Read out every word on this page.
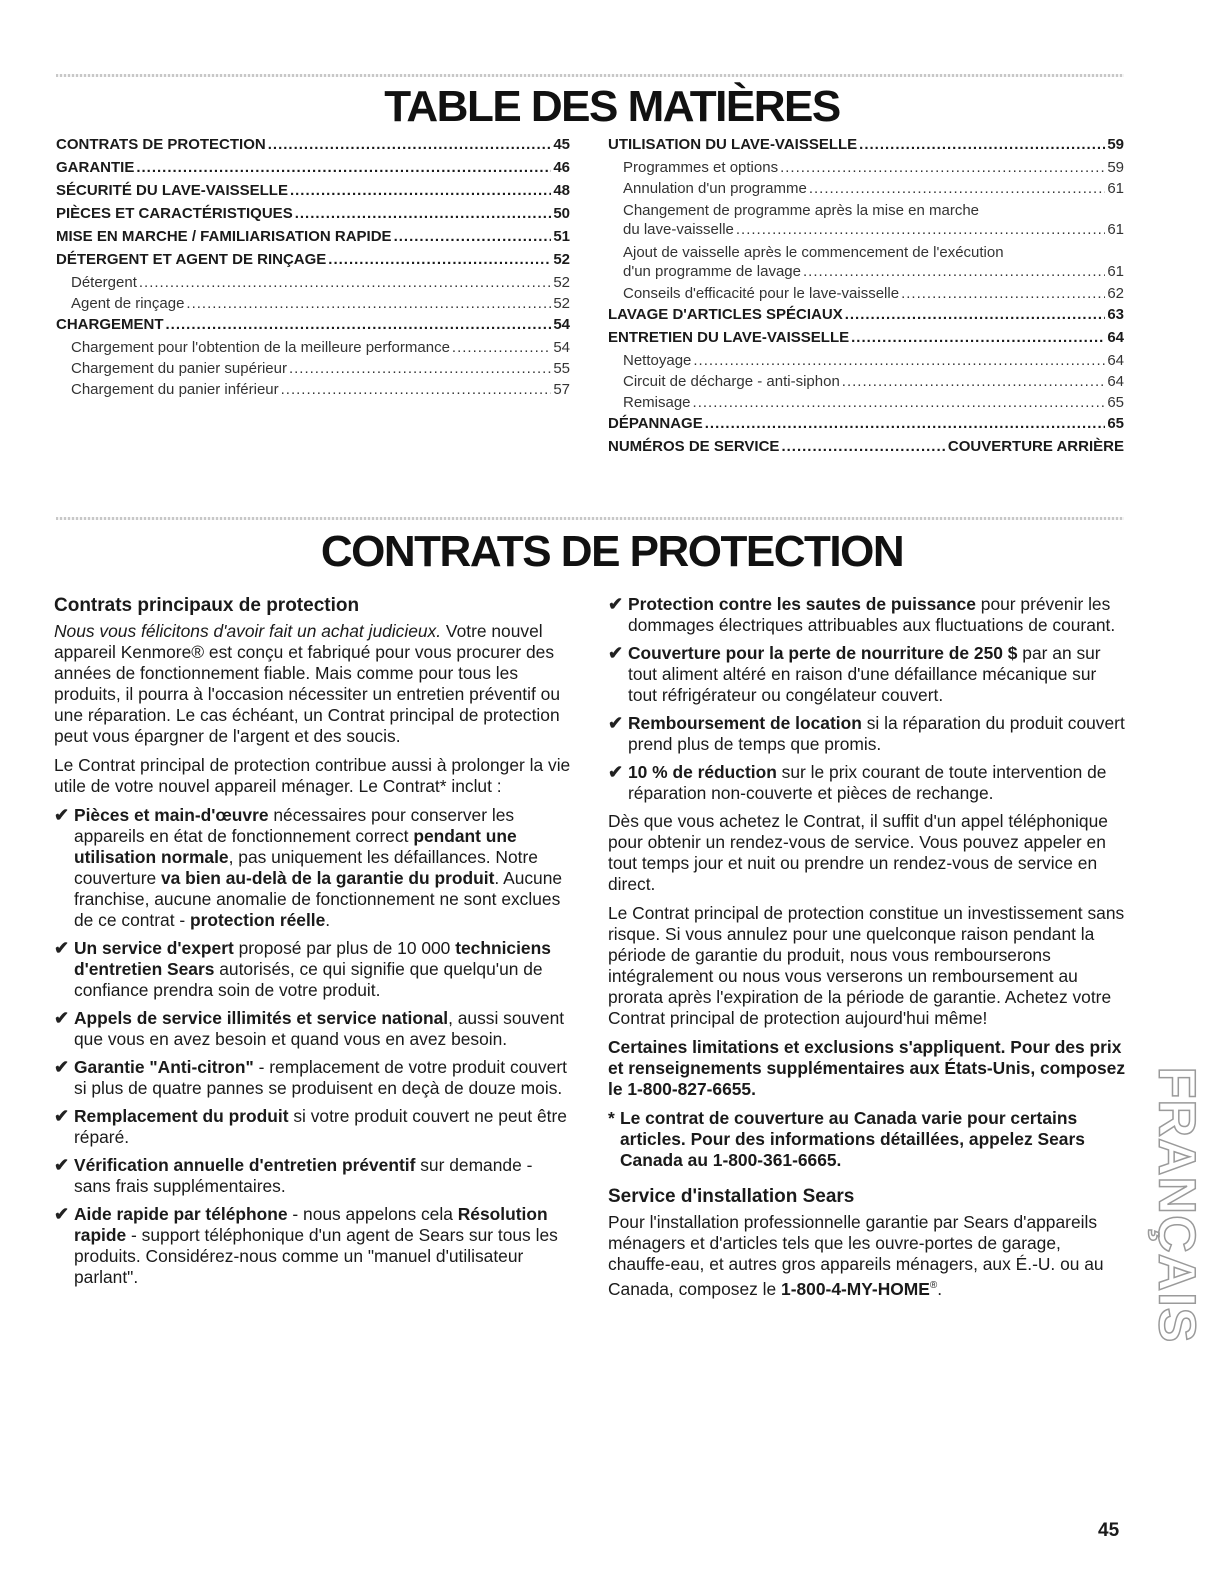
TABLE DES MATIÈRES
CONTRATS DE PROTECTION .....	45
GARANTIE .....	46
SÉCURITÉ DU LAVE-VAISSELLE .....	48
PIÈCES ET CARACTÉRISTIQUES .....	50
MISE EN MARCHE / FAMILIARISATION RAPIDE .....	51
DÉTERGENT ET AGENT DE RINÇAGE .....	52
Détergent .....	52
Agent de rinçage .....	52
CHARGEMENT .....	54
Chargement pour l'obtention de la meilleure performance .....	54
Chargement du panier supérieur .....	55
Chargement du panier inférieur .....	57
UTILISATION DU LAVE-VAISSELLE .....	59
Programmes et options .....	59
Annulation d'un programme .....	61
Changement de programme après la mise en marche
du lave-vaisselle .....	61
Ajout de vaisselle après le commencement de l'exécution
d'un programme de lavage .....	61
Conseils d'efficacité pour le lave-vaisselle .....	62
LAVAGE D'ARTICLES SPÉCIAUX .....	63
ENTRETIEN DU LAVE-VAISSELLE .....	64
Nettoyage .....	64
Circuit de décharge - anti-siphon .....	64
Remisage .....	65
DÉPANNAGE .....	65
NUMÉROS DE SERVICE .....	COUVERTURE ARRIÈRE
CONTRATS DE PROTECTION
Contrats principaux de protection

Nous vous félicitons d'avoir fait un achat judicieux. Votre nouvel appareil Kenmore® est conçu et fabriqué pour vous procurer des années de fonctionnement fiable. Mais comme pour tous les produits, il pourra à l'occasion nécessiter un entretien préventif ou une réparation. Le cas échéant, un Contrat principal de protection peut vous épargner de l'argent et des soucis.

Le Contrat principal de protection contribue aussi à prolonger la vie utile de votre nouvel appareil ménager. Le Contrat* inclut :

✔ Pièces et main-d'œuvre nécessaires pour conserver les appareils en état de fonctionnement correct pendant une utilisation normale, pas uniquement les défaillances. Notre couverture va bien au-delà de la garantie du produit. Aucune franchise, aucune anomalie de fonctionnement ne sont exclues de ce contrat - protection réelle.
✔ Un service d'expert proposé par plus de 10 000 techniciens d'entretien Sears autorisés, ce qui signifie que quelqu'un de confiance prendra soin de votre produit.
✔ Appels de service illimités et service national, aussi souvent que vous en avez besoin et quand vous en avez besoin.
✔ Garantie "Anti-citron" - remplacement de votre produit couvert si plus de quatre pannes se produisent en deçà de douze mois.
✔ Remplacement du produit si votre produit couvert ne peut être réparé.
✔ Vérification annuelle d'entretien préventif sur demande - sans frais supplémentaires.
✔ Aide rapide par téléphone - nous appelons cela Résolution rapide - support téléphonique d'un agent de Sears sur tous les produits. Considérez-nous comme un "manuel d'utilisateur parlant".
✔ Protection contre les sautes de puissance pour prévenir les dommages électriques attribuables aux fluctuations de courant.
✔ Couverture pour la perte de nourriture de 250 $ par an sur tout aliment altéré en raison d'une défaillance mécanique sur tout réfrigérateur ou congélateur couvert.
✔ Remboursement de location si la réparation du produit couvert prend plus de temps que promis.
✔ 10 % de réduction sur le prix courant de toute intervention de réparation non-couverte et pièces de rechange.

Dès que vous achetez le Contrat, il suffit d'un appel téléphonique pour obtenir un rendez-vous de service. Vous pouvez appeler en tout temps jour et nuit ou prendre un rendez-vous de service en direct.

Le Contrat principal de protection constitue un investissement sans risque. Si vous annulez pour une quelconque raison pendant la période de garantie du produit, nous vous rembourserons intégralement ou nous vous verserons un remboursement au prorata après l'expiration de la période de garantie. Achetez votre Contrat principal de protection aujourd'hui même!

Certaines limitations et exclusions s'appliquent. Pour des prix et renseignements supplémentaires aux États-Unis, composez le 1-800-827-6655.

* Le contrat de couverture au Canada varie pour certains articles. Pour des informations détaillées, appelez Sears Canada au 1-800-361-6665.
Service d'installation Sears

Pour l'installation professionnelle garantie par Sears d'appareils ménagers et d'articles tels que les ouvre-portes de garage, chauffe-eau, et autres gros appareils ménagers, aux É.-U. ou au Canada, composez le 1-800-4-MY-HOME®.	FRANÇAIS
45
